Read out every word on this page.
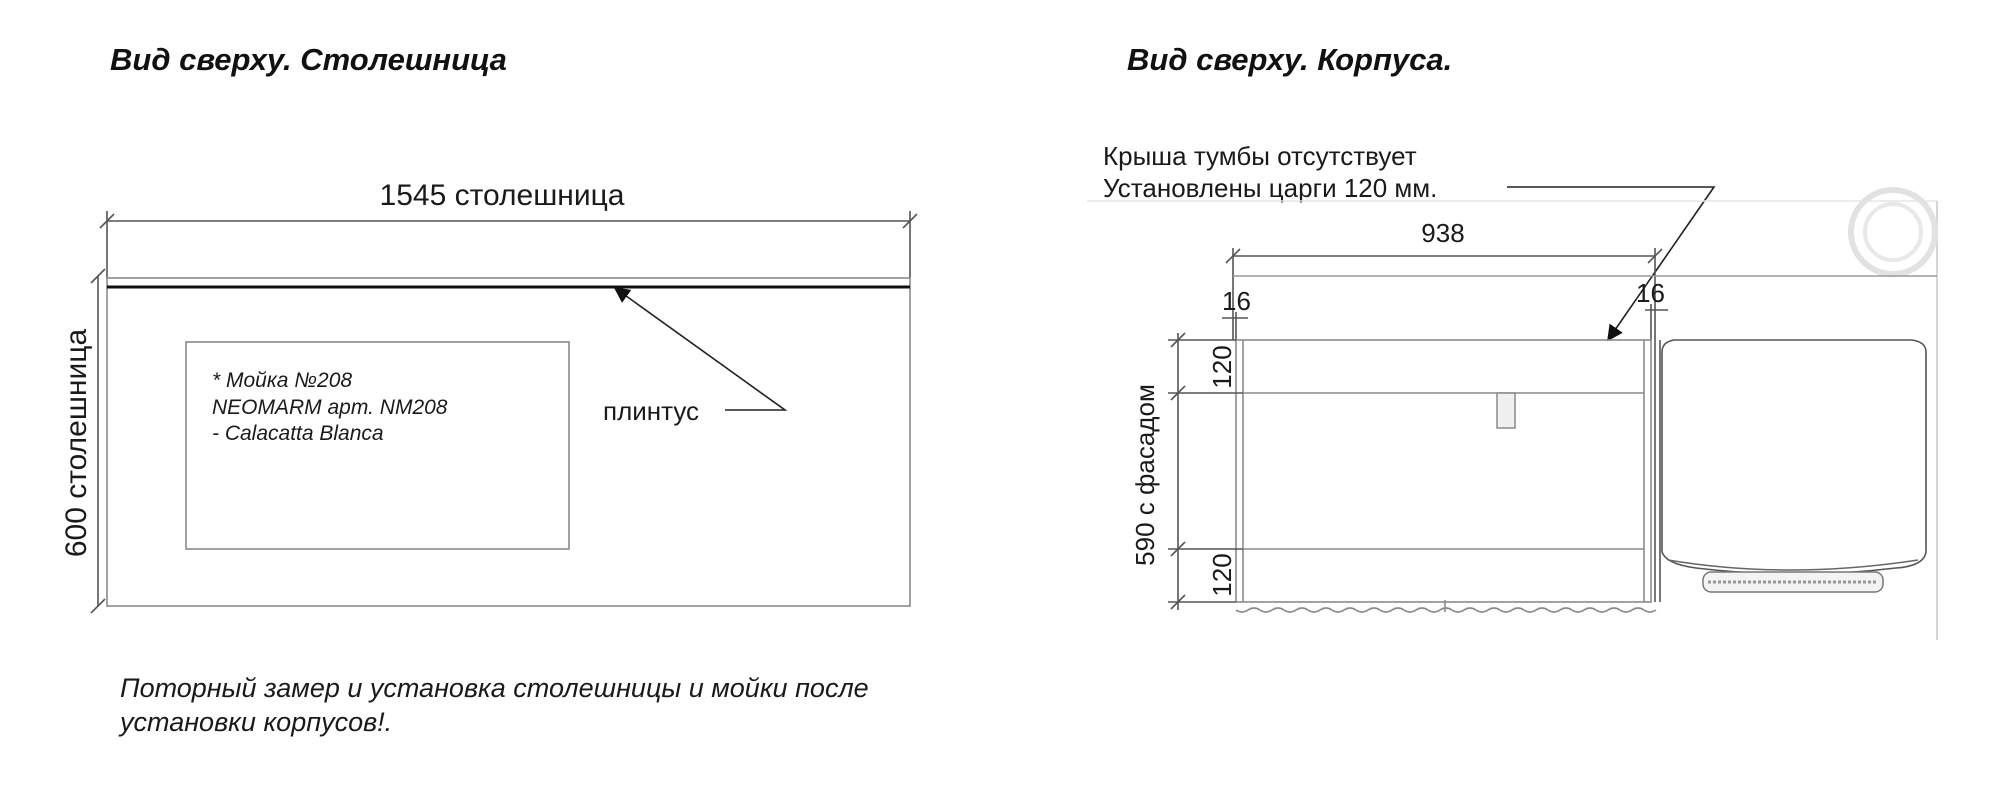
Вид сверху. Столешница
1545 столешница
600 столешница	* Мойка №208
NEOMARM арт. NM208
- Calacatta Blanca
плинтус
Поторный замер и установка столешницы и мойки после
установки корпусов!.
Вид сверху. Корпуса.
Крыша тумбы отсутствует
Установлены царги 120 мм.
938
16	16
590 с фасадом
120
120
